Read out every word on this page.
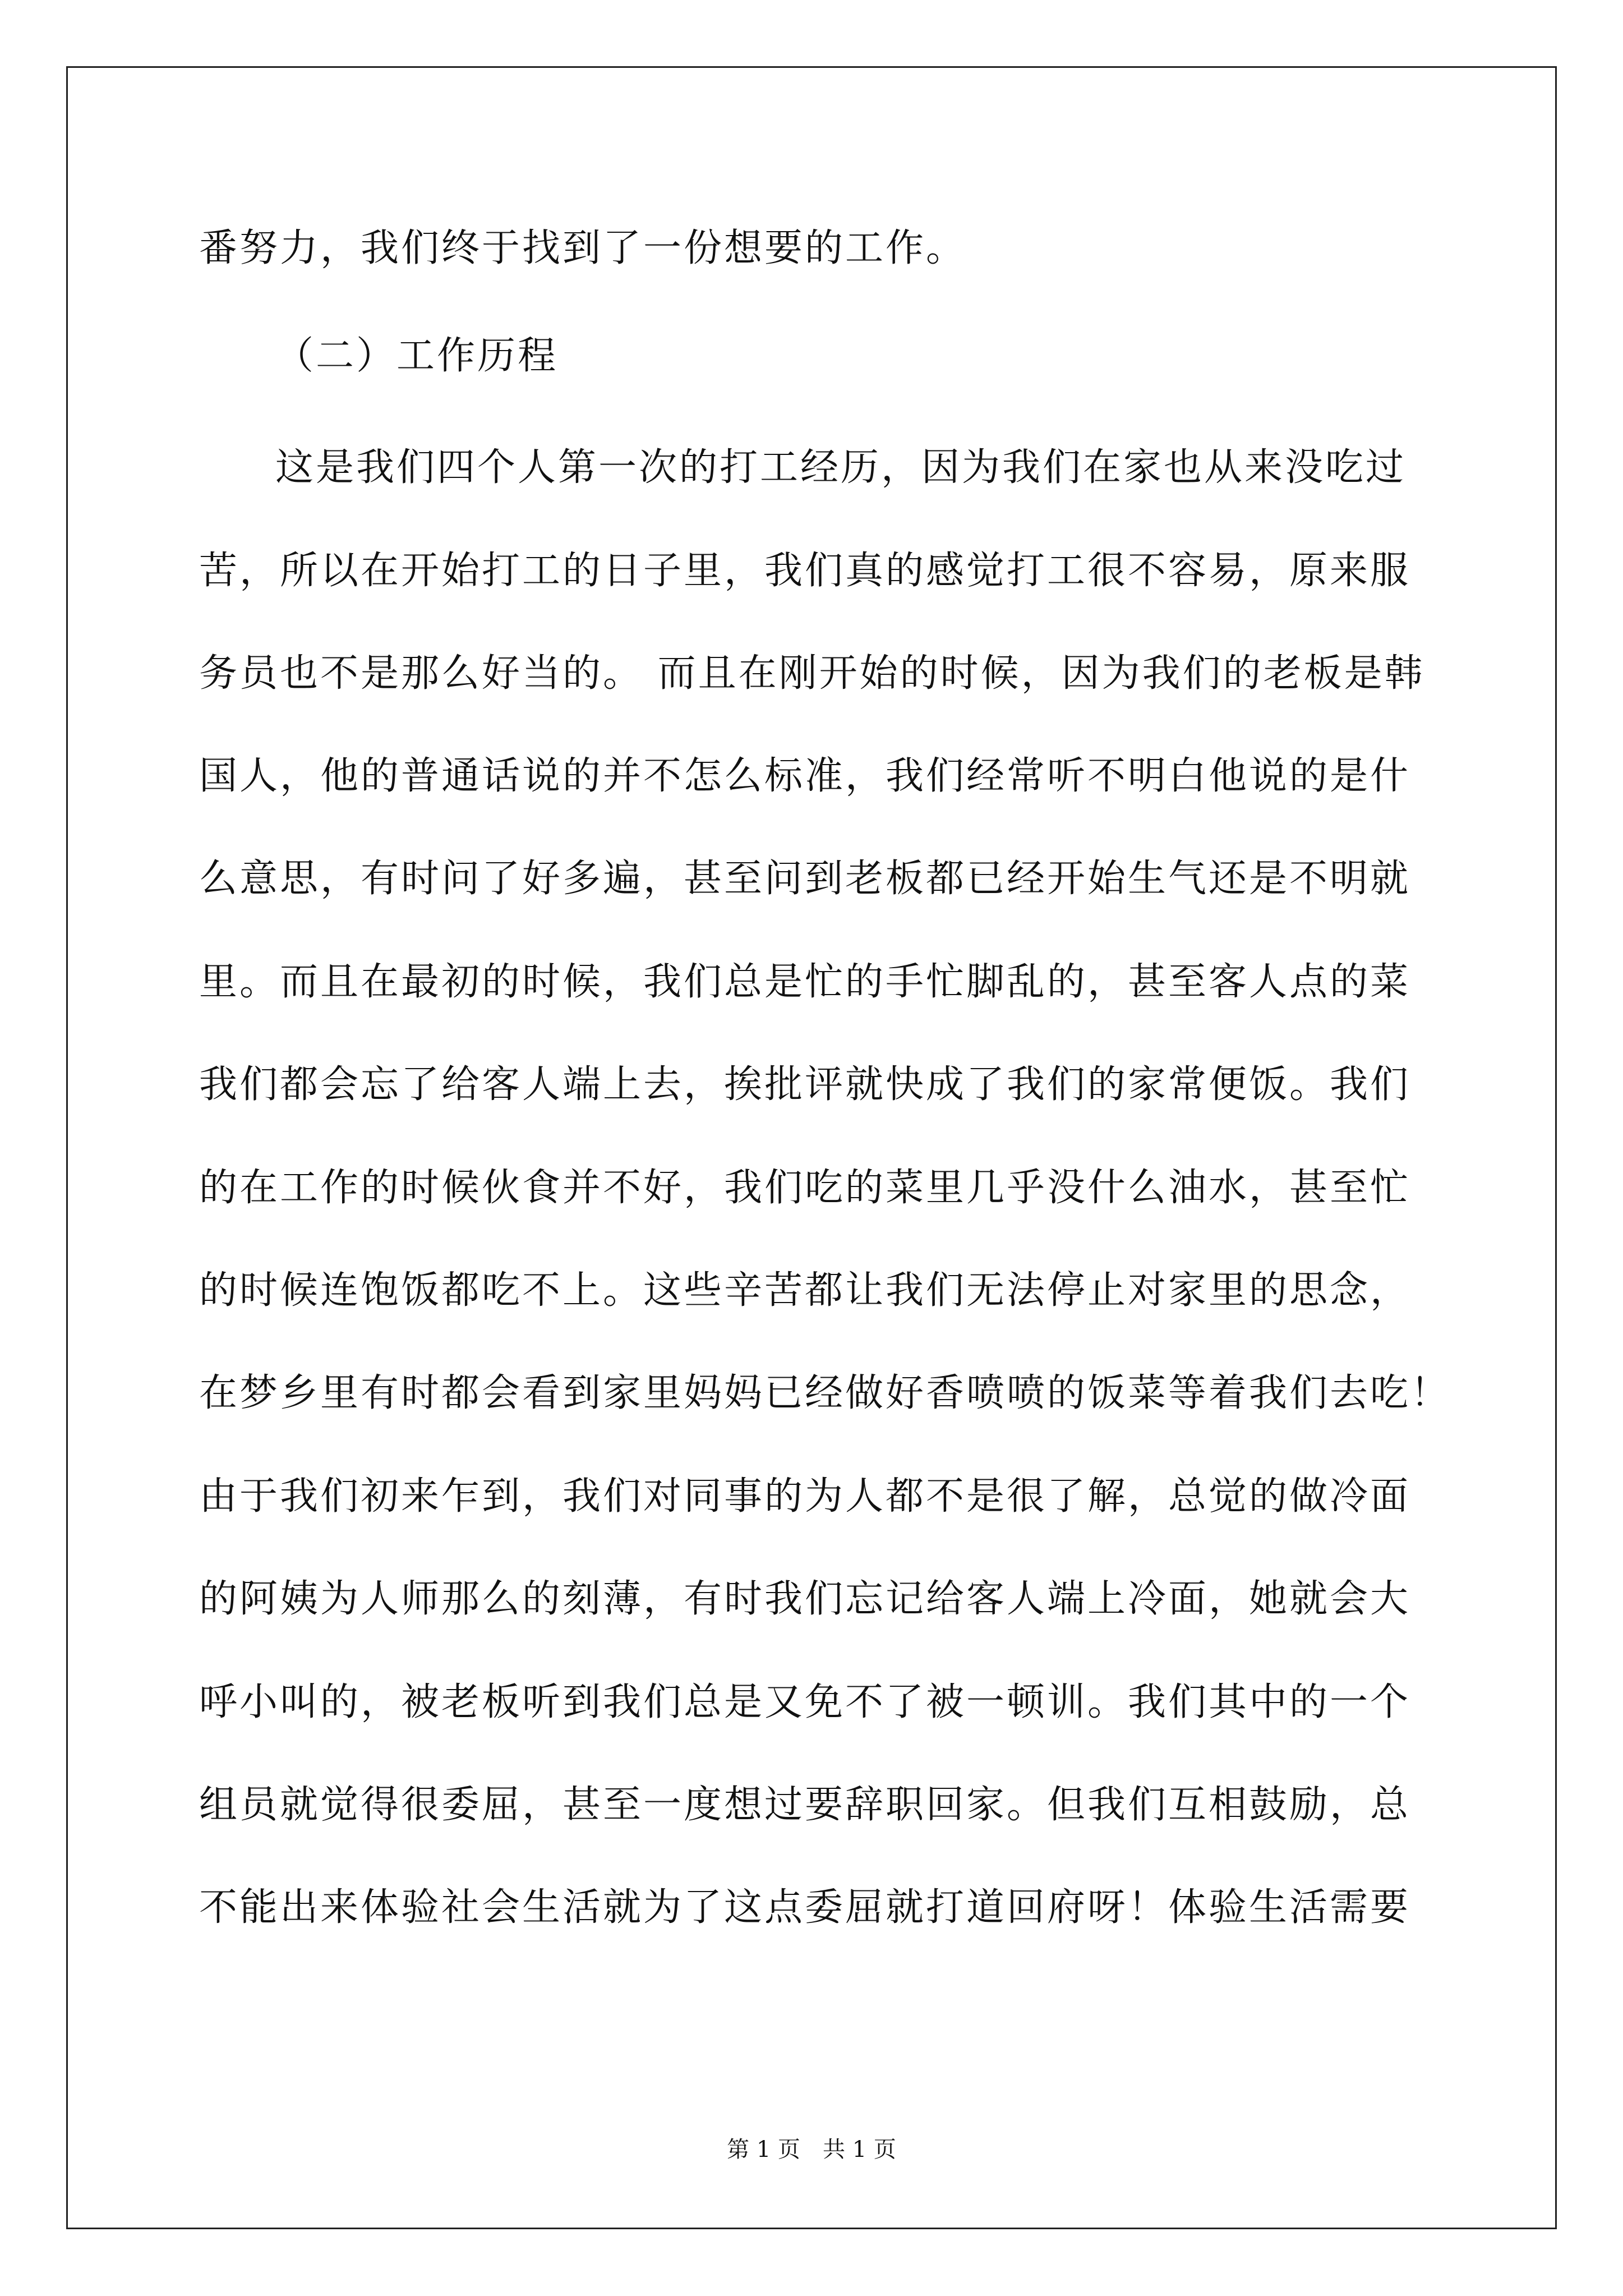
番努力，我们终于找到了一份想要的工作。
（二）工作历程
这是我们四个人第一次的打工经历，因为我们在家也从来没吃过
苦，所以在开始打工的日子里，我们真的感觉打工很不容易，原来服
务员也不是那么好当的。 而且在刚开始的时候，因为我们的老板是韩
国人，他的普通话说的并不怎么标准，我们经常听不明白他说的是什
么意思，有时问了好多遍，甚至问到老板都已经开始生气还是不明就
里。而且在最初的时候，我们总是忙的手忙脚乱的，甚至客人点的菜
我们都会忘了给客人端上去，挨批评就快成了我们的家常便饭。我们
的在工作的时候伙食并不好，我们吃的菜里几乎没什么油水，甚至忙
的时候连饱饭都吃不上。这些辛苦都让我们无法停止对家里的思念，
在梦乡里有时都会看到家里妈妈已经做好香喷喷的饭菜等着我们去吃！
由于我们初来乍到，我们对同事的为人都不是很了解，总觉的做冷面
的阿姨为人师那么的刻薄，有时我们忘记给客人端上冷面，她就会大
呼小叫的，被老板听到我们总是又免不了被一顿训。我们其中的一个
组员就觉得很委屈，甚至一度想过要辞职回家。但我们互相鼓励，总
不能出来体验社会生活就为了这点委屈就打道回府呀！体验生活需要
第 1 页　共 1 页
